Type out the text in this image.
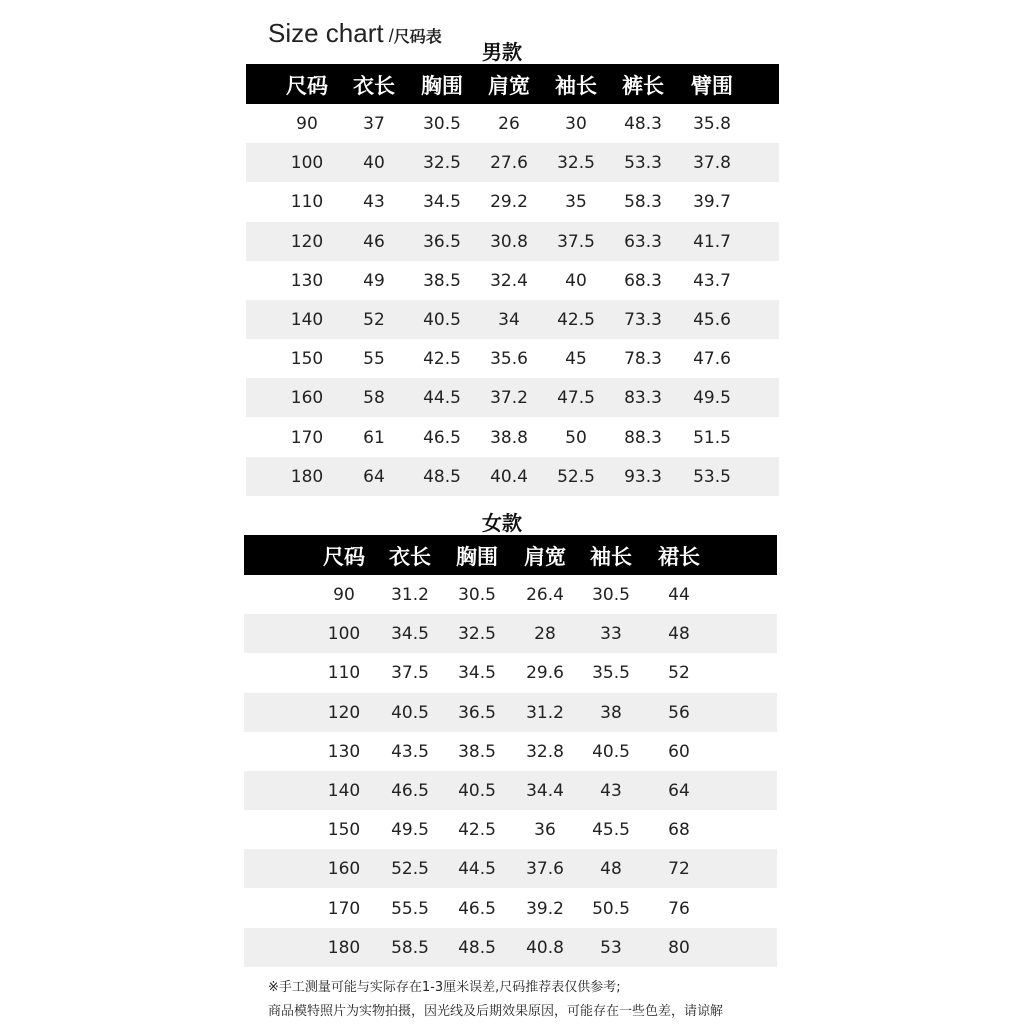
Size chart /尺码表
男款
尺码 衣长 胸围 肩宽 袖长 裤长 臂围
90	37 30.5 26	30 48.3 35.8
100 40 32.5 27.6 32.5 53.3 37.8
110 43 34.5 29.2 35 58.3 39.7
120 46 36.5 30.8 37.5 63.3 41.7
130 49 38.5 32.4 40 68.3 43.7
140 52 40.5 34 42.5 73.3 45.6
150 55 42.5 35.6 45 78.3 47.6
160 58 44.5 37.2 47.5 83.3 49.5
170 61 46.5 38.8 50 88.3 51.5
180 64 48.5 40.4 52.5 93.3 53.5
女款
尺码 衣长 胸围 肩宽 袖长 裙长
90 31.2 30.5 26.4 30.5 44
100 34.5 32.5 28	33	48
110 37.5 34.5 29.6 35.5 52
120 40.5 36.5 31.2 38	56
130 43.5 38.5 32.8 40.5 60
140 46.5 40.5 34.4 43	64
150 49.5 42.5 36 45.5 68
160 52.5 44.5 37.6 48	72
170 55.5 46.5 39.2 50.5 76
180 58.5 48.5 40.8 53	80
※手工测量可能与实际存在1-3厘米误差,尺码推荐表仅供参考;
商品模特照片为实物拍摄，因光线及后期效果原因，可能存在一些色差，请谅解
